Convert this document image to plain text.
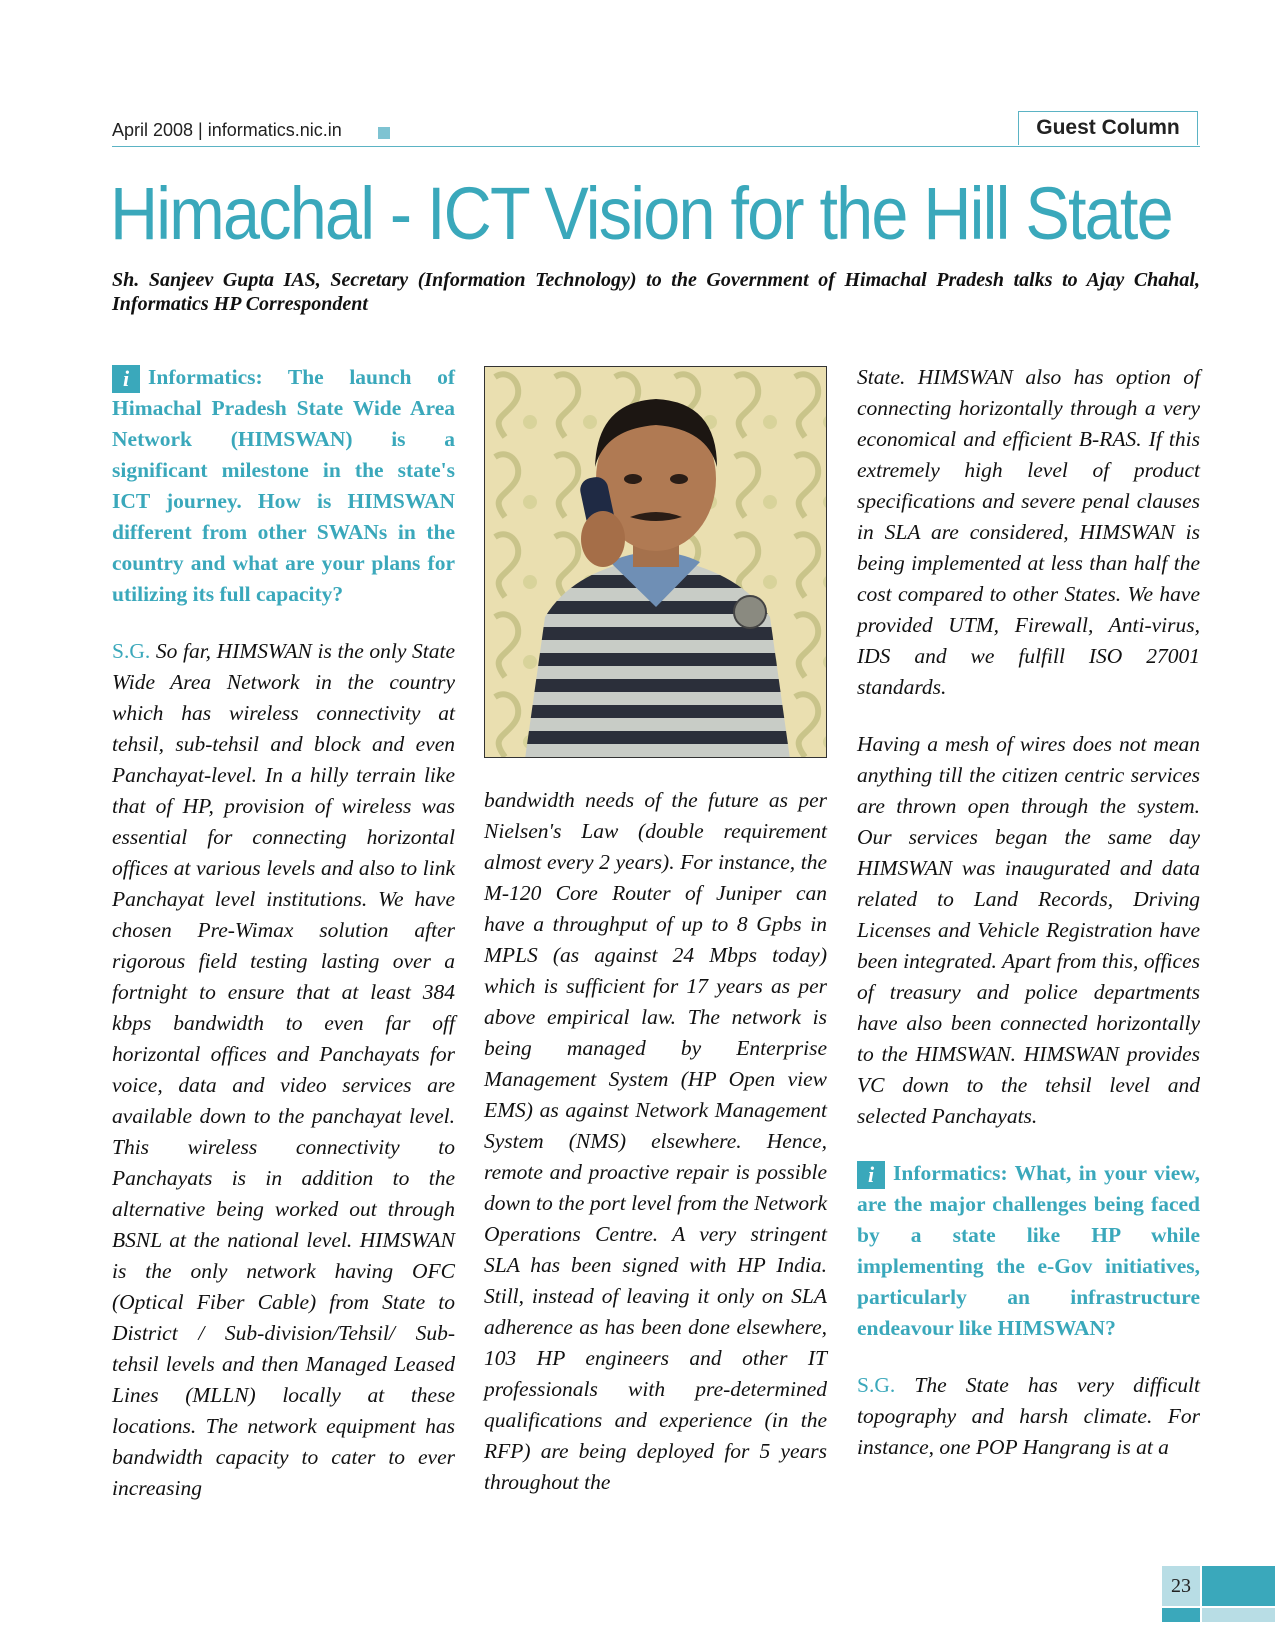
April 2008 | informatics.nic.in	Guest Column
Himachal - ICT Vision for the Hill State
Sh. Sanjeev Gupta IAS, Secretary (Information Technology) to the Government of Himachal Pradesh talks to Ajay Chahal, Informatics HP Correspondent

i Informatics: The launch of Himachal Pradesh State Wide Area Network (HIMSWAN) is a significant milestone in the state's ICT journey. How is HIMSWAN different from other SWANs in the country and what are your plans for utilizing its full capacity?

S.G. So far, HIMSWAN is the only State Wide Area Network in the country which has wireless connectivity at tehsil, sub-tehsil and block and even Panchayat-level. In a hilly terrain like that of HP, provision of wireless was essential for connecting horizontal offices at various levels and also to link Panchayat level institutions. We have chosen Pre-Wimax solution after rigorous field testing lasting over a fortnight to ensure that at least 384 kbps bandwidth to even far off horizontal offices and Panchayats for voice, data and video services are available down to the panchayat level. This wireless connectivity to Panchayats is in addition to the alternative being worked out through BSNL at the national level. HIMSWAN is the only network having OFC (Optical Fiber Cable) from State to District / Sub-division/Tehsil/ Sub-tehsil levels and then Managed Leased Lines (MLLN) locally at these locations. The network equipment has bandwidth capacity to cater to ever increasing

bandwidth needs of the future as per Nielsen's Law (double requirement almost every 2 years). For instance, the M-120 Core Router of Juniper can have a throughput of up to 8 Gpbs in MPLS (as against 24 Mbps today) which is sufficient for 17 years as per above empirical law. The network is being managed by Enterprise Management System (HP Open view EMS) as against Network Management System (NMS) elsewhere. Hence, remote and proactive repair is possible down to the port level from the Network Operations Centre. A very stringent SLA has been signed with HP India. Still, instead of leaving it only on SLA adherence as has been done elsewhere, 103 HP engineers and other IT professionals with pre-determined qualifications and experience (in the RFP) are being deployed for 5 years throughout the

State. HIMSWAN also has option of connecting horizontally through a very economical and efficient B-RAS. If this extremely high level of product specifications and severe penal clauses in SLA are considered, HIMSWAN is being implemented at less than half the cost compared to other States. We have provided UTM, Firewall, Anti-virus, IDS and we fulfill ISO 27001 standards.

Having a mesh of wires does not mean anything till the citizen centric services are thrown open through the system. Our services began the same day HIMSWAN was inaugurated and data related to Land Records, Driving Licenses and Vehicle Registration have been integrated. Apart from this, offices of treasury and police departments have also been connected horizontally to the HIMSWAN. HIMSWAN provides VC down to the tehsil level and selected Panchayats.

i Informatics: What, in your view, are the major challenges being faced by a state like HP while implementing the e-Gov initiatives, particularly an infrastructure endeavour like HIMSWAN?

S.G. The State has very difficult topography and harsh climate. For instance, one POP Hangrang is at a

23
